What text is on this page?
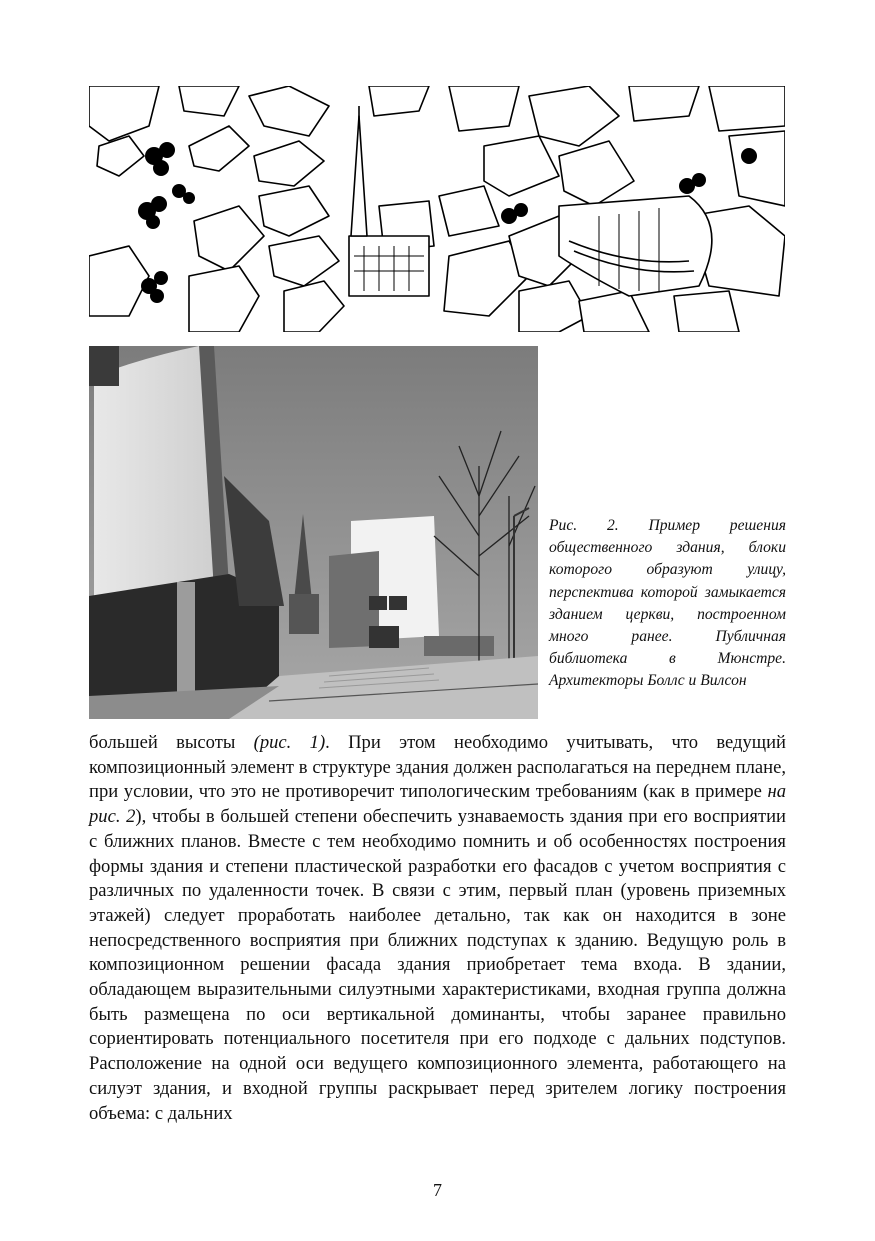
Рис. 2. Пример решения общественного здания, блоки которого образуют улицу, перспектива которой замыкается зданием церкви, построенном много ранее. Публичная библиотека в Мюнстре. Архитекторы Боллс и Вилсон

большей высоты (рис. 1). При этом необходимо учитывать, что ведущий композиционный элемент в структуре здания должен располагаться на переднем плане, при условии, что это не противоречит типологическим требованиям (как в примере на рис. 2), чтобы в большей степени обеспечить узнаваемость здания при его восприятии с ближних планов. Вместе с тем необходимо помнить и об особенностях построения формы здания и степени пластической разработки его фасадов с учетом восприятия с различных по удаленности точек. В связи с этим, первый план (уровень приземных этажей) следует проработать наиболее детально, так как он находится в зоне непосредственного восприятия при ближних подступах к зданию. Ведущую роль в композиционном решении фасада здания приобретает тема входа. В здании, обладающем выразительными силуэтными характеристиками, входная группа должна быть размещена по оси вертикальной доминанты, чтобы заранее правильно сориентировать потенциального посетителя при его подходе с дальних подступов. Расположение на одной оси ведущего композиционного элемента, работающего на силуэт здания, и входной группы раскрывает перед зрителем логику построения объема: с дальних

7
